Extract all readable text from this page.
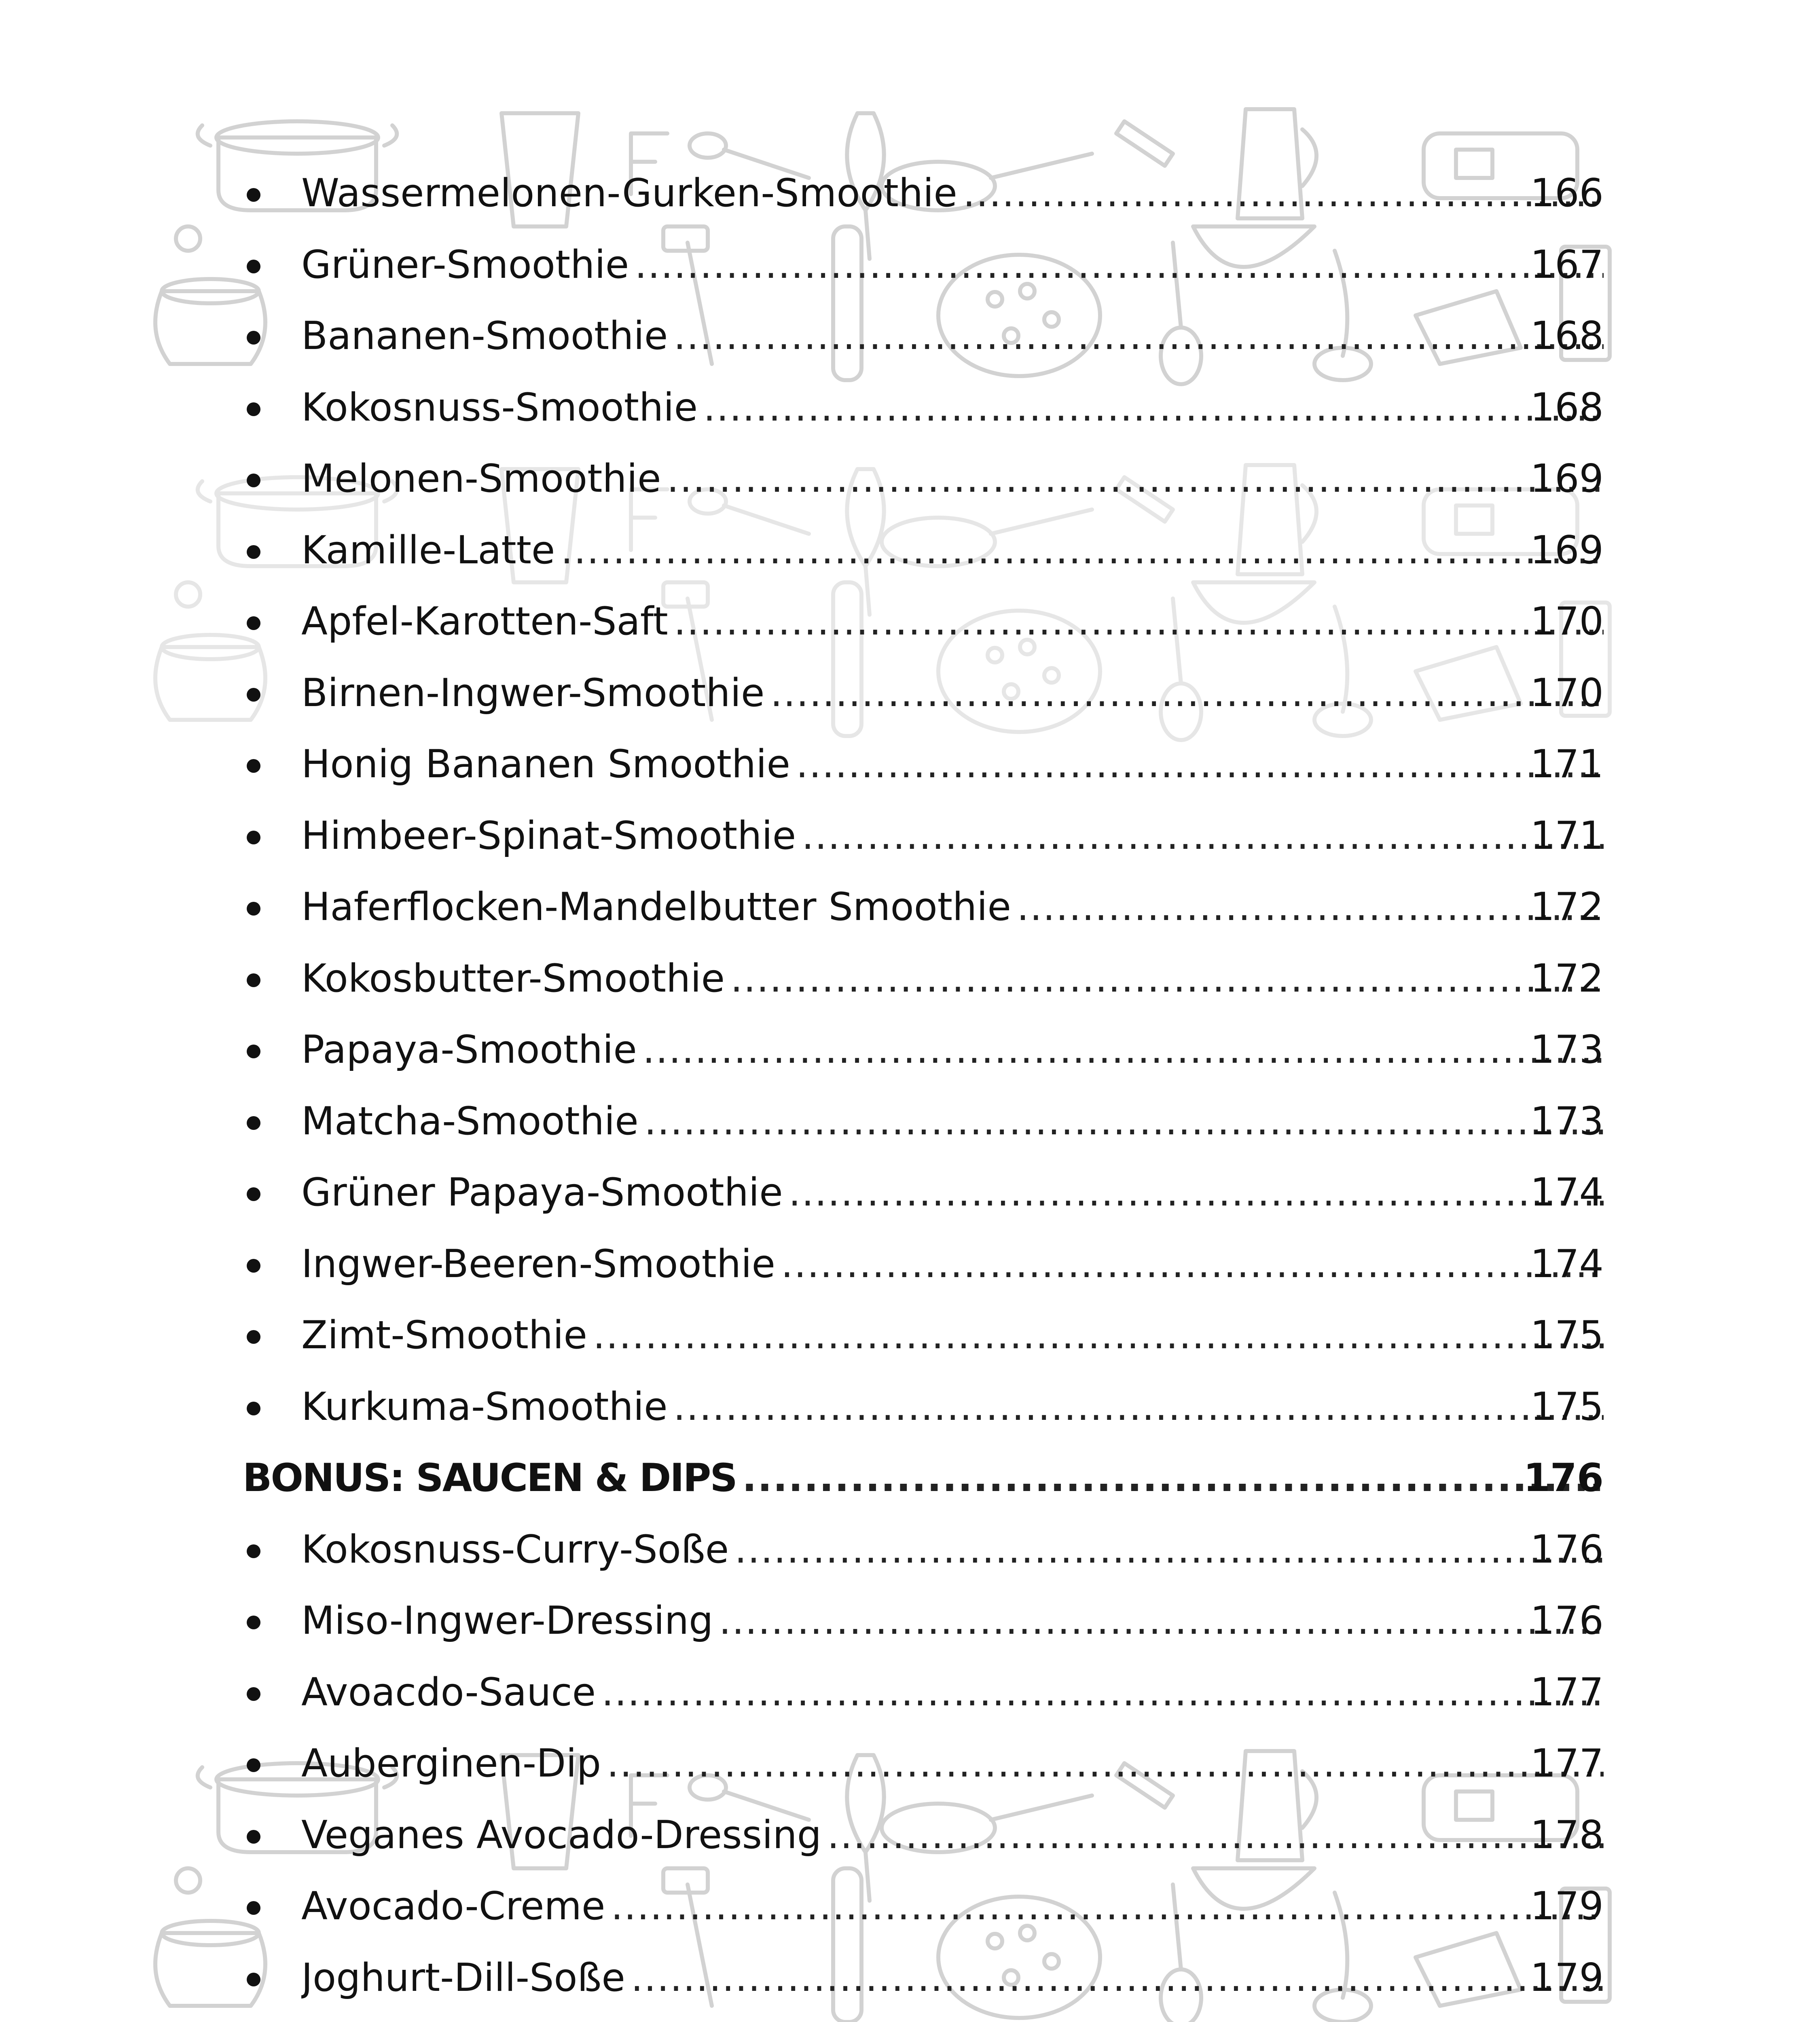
Wassermelonen-Gurken-Smoothie .....	166
Grüner-Smoothie .....	167
Bananen-Smoothie .....	168
Kokosnuss-Smoothie .....	168
Melonen-Smoothie .....	169
Kamille-Latte .....	169
Apfel-Karotten-Saft .....	170
Birnen-Ingwer-Smoothie .....	170
Honig Bananen Smoothie .....	171
Himbeer-Spinat-Smoothie .....	171
Haferflocken-Mandelbutter Smoothie .....	172
Kokosbutter-Smoothie .....	172
Papaya-Smoothie .....	173
Matcha-Smoothie .....	173
Grüner Papaya-Smoothie .....	174
Ingwer-Beeren-Smoothie .....	174
Zimt-Smoothie .....	175
Kurkuma-Smoothie .....	175
BONUS: SAUCEN & DIPS .....	176
Kokosnuss-Curry-Soße .....	176
Miso-Ingwer-Dressing .....	176
Avoacdo-Sauce .....	177
Auberginen-Dip .....	177
Veganes Avocado-Dressing .....	178
Avocado-Creme .....	179
Joghurt-Dill-Soße .....	179
